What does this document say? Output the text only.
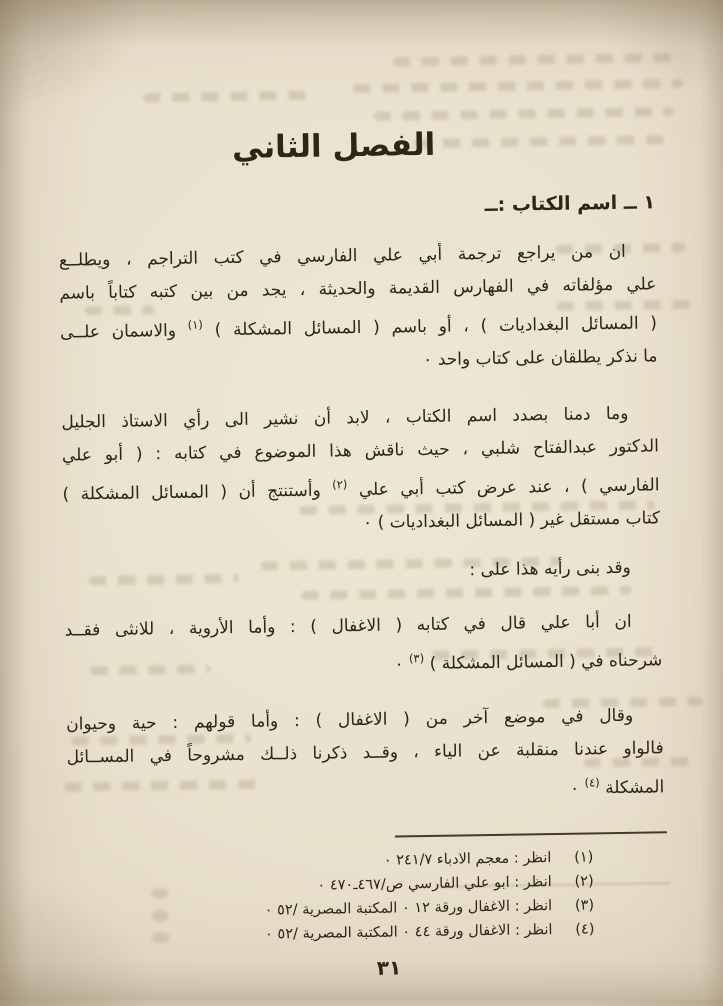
الفصل الثاني
١ ــ اسم الكتاب :ــ
ان من يراجع ترجمة أبي علي الفارسي في كتب التراجم ، ويطلــع
علي مؤلفاته في الفهارس القديمة والحديثة ، يجد من بين كتبه كتاباً باسم
( المسائل البغداديات ) ، أو باسم ( المسائل المشكلة ) $^{(١)}$ والاسمان علــى
ما نذكر يطلقان على كتاب واحد ٠
وما دمنا بصدد اسم الكتاب ، لابد أن نشير الى رأي الاستاذ الجليل
الدكتور عبدالفتاح شلبي ، حيث ناقش هذا الموضوع في كتابه : ( أبو علي
الفارسي ) ، عند عرض كتب أبي علي $^{(٢)}$ وأستنتج أن ( المسائل المشكلة )
كتاب مستقل غير ( المسائل البغداديات ) ٠
وقد بنى رأيه هذا على :
ان أبا علي قال في كتابه ( الاغفال ) : وأما الأروية ، للانثى فقــد
شرحناه في ( المسائل المشكلة ) $^{(٣)}$ ٠
وقال في موضع آخر من ( الاغفال ) : وأما قولهم : حية وحيوان
فالواو عندنا منقلبة عن الياء ، وقــد ذكرنا ذلــك مشروحاً في المســائل
المشكلة $^{(٤)}$ ٠
(١)
انظر : معجم الادباء ٢٤١/٧ ٠
(٢)
انظر : ابو علي الفارسي ص/٤٦٧ـ٤٧٠ ٠
(٣)
انظر : الاغفال ورقة ١٢ ٠ المكتبة المصرية /٥٢ ٠
(٤)
انظر : الاغفال ورقة ٤٤ ٠ المكتبة المصرية /٥٢ ٠
٣١
